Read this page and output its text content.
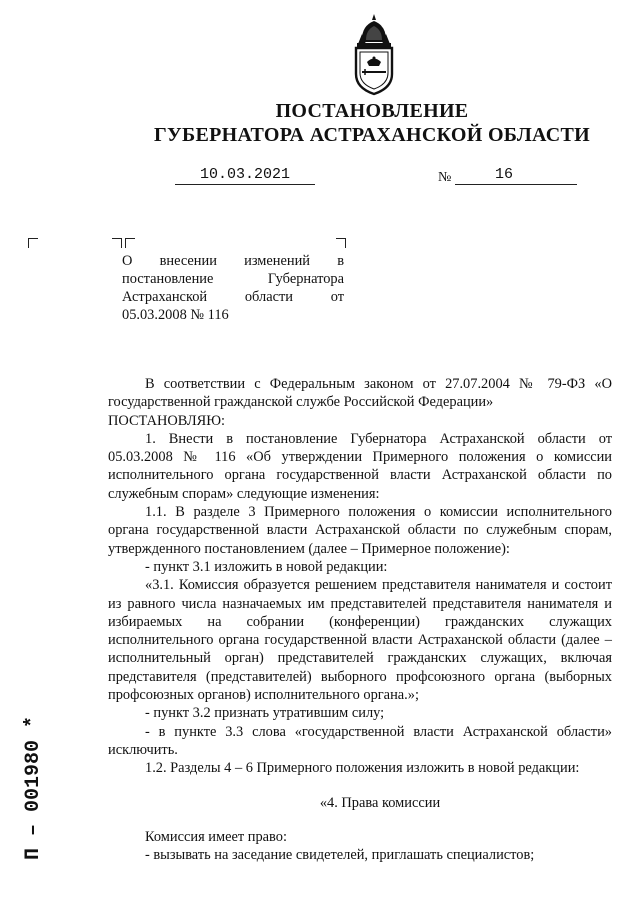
ПОСТАНОВЛЕНИЕ
ГУБЕРНАТОРА АСТРАХАНСКОЙ ОБЛАСТИ
10.03.2021	№	16
О внесении изменений в постановление Губернатора Астраханской области от 05.03.2008 № 116

В соответствии с Федеральным законом от 27.07.2004 № 79-ФЗ «О государственной гражданской службе Российской Федерации»

ПОСТАНОВЛЯЮ:

1. Внести в постановление Губернатора Астраханской области от 05.03.2008 № 116 «Об утверждении Примерного положения о комиссии исполнительного органа государственной власти Астраханской области по служебным спорам» следующие изменения:

1.1. В разделе 3 Примерного положения о комиссии исполнительного органа государственной власти Астраханской области по служебным спорам, утвержденного постановлением (далее – Примерное положение):

- пункт 3.1 изложить в новой редакции:

«3.1. Комиссия образуется решением представителя нанимателя и состоит из равного числа назначаемых им представителей представителя нанимателя и избираемых на собрании (конференции) гражданских служащих исполнительного органа государственной власти Астраханской области (далее – исполнительный орган) представителей гражданских служащих, включая представителя (представителей) выборного профсоюзного органа (выборных профсоюзных органов) исполнительного органа.»;

- пункт 3.2 признать утратившим силу;

- в пункте 3.3 слова «государственной власти Астраханской области» исключить.

1.2. Разделы 4 – 6 Примерного положения изложить в новой редакции:

«4. Права комиссии

Комиссия имеет право:

- вызывать на заседание свидетелей, приглашать специалистов;

П – 001980 *
